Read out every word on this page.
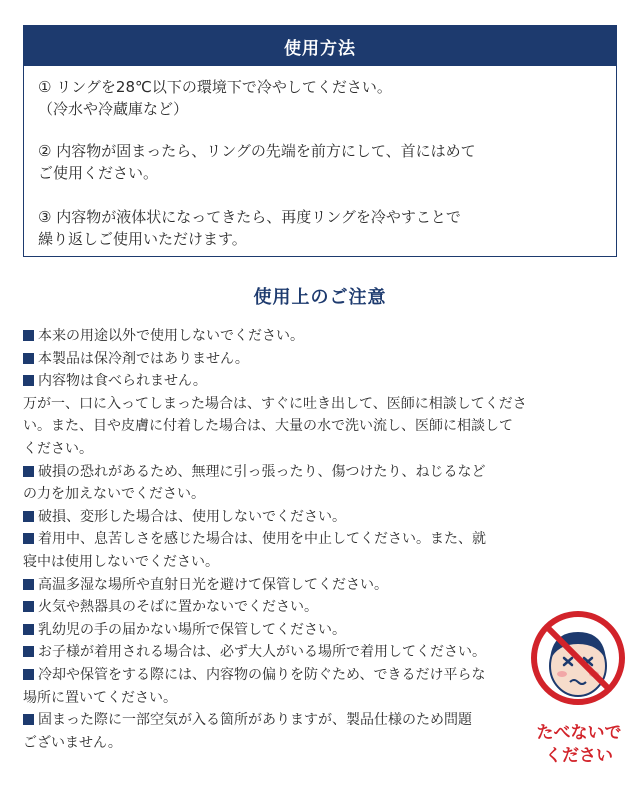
使用方法
① リングを28℃以下の環境下で冷やしてください。
（冷水や冷蔵庫など）
② 内容物が固まったら、リングの先端を前方にして、首にはめて
ご使用ください。
③ 内容物が液体状になってきたら、再度リングを冷やすことで
繰り返しご使用いただけます。
使用上のご注意
本来の用途以外で使用しないでください。
本製品は保冷剤ではありません。
内容物は食べられません。
万が一、口に入ってしまった場合は、すぐに吐き出して、医師に相談してくださ
い。また、目や皮膚に付着した場合は、大量の水で洗い流し、医師に相談して
ください。
破損の恐れがあるため、無理に引っ張ったり、傷つけたり、ねじるなど
の力を加えないでください。
破損、変形した場合は、使用しないでください。
着用中、息苦しさを感じた場合は、使用を中止してください。また、就
寝中は使用しないでください。
高温多湿な場所や直射日光を避けて保管してください。
火気や熱器具のそばに置かないでください。
乳幼児の手の届かない場所で保管してください。
お子様が着用される場合は、必ず大人がいる場所で着用してください。
冷却や保管をする際には、内容物の偏りを防ぐため、できるだけ平らな
場所に置いてください。
固まった際に一部空気が入る箇所がありますが、製品仕様のため問題
ございません。	たべないで
ください
